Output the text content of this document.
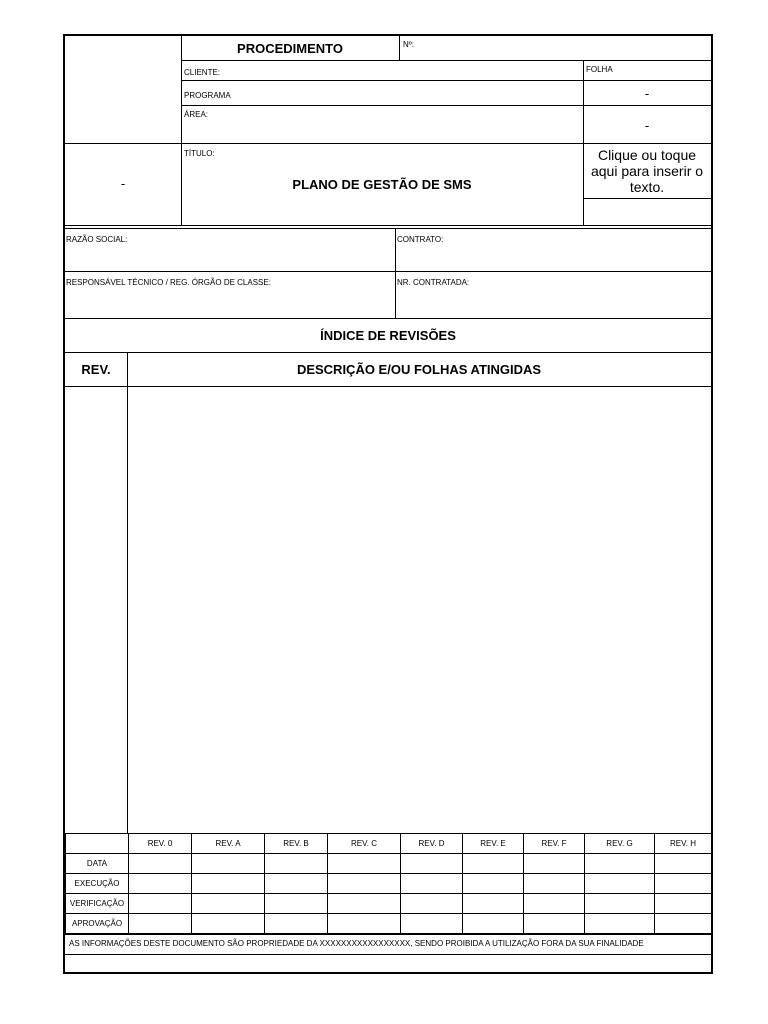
PROCEDIMENTO	Nº:
CLIENTE:	FOLHA
PROGRAMA	-
ÁREA:
-
-
TÍTULO:
PLANO DE GESTÃO DE SMS
Clique ou toque aqui para inserir o texto.
RAZÃO SOCIAL:	CONTRATO:
RESPONSÁVEL TÉCNICO / REG. ÓRGÃO DE CLASSE:	NR. CONTRATADA:
ÍNDICE DE REVISÕES
REV.	DESCRIÇÃO E/OU FOLHAS ATINGIDAS
	REV. 0	REV. A	REV. B	REV. C	REV. D	REV. E	REV. F	REV. G	REV. H
DATA									
EXECUÇÃO									
VERIFICAÇÃO									
APROVAÇÃO									
AS INFORMAÇÕES DESTE DOCUMENTO SÃO PROPRIEDADE DA XXXXXXXXXXXXXXXXX, SENDO PROIBIDA A UTILIZAÇÃO FORA DA SUA FINALIDADE
